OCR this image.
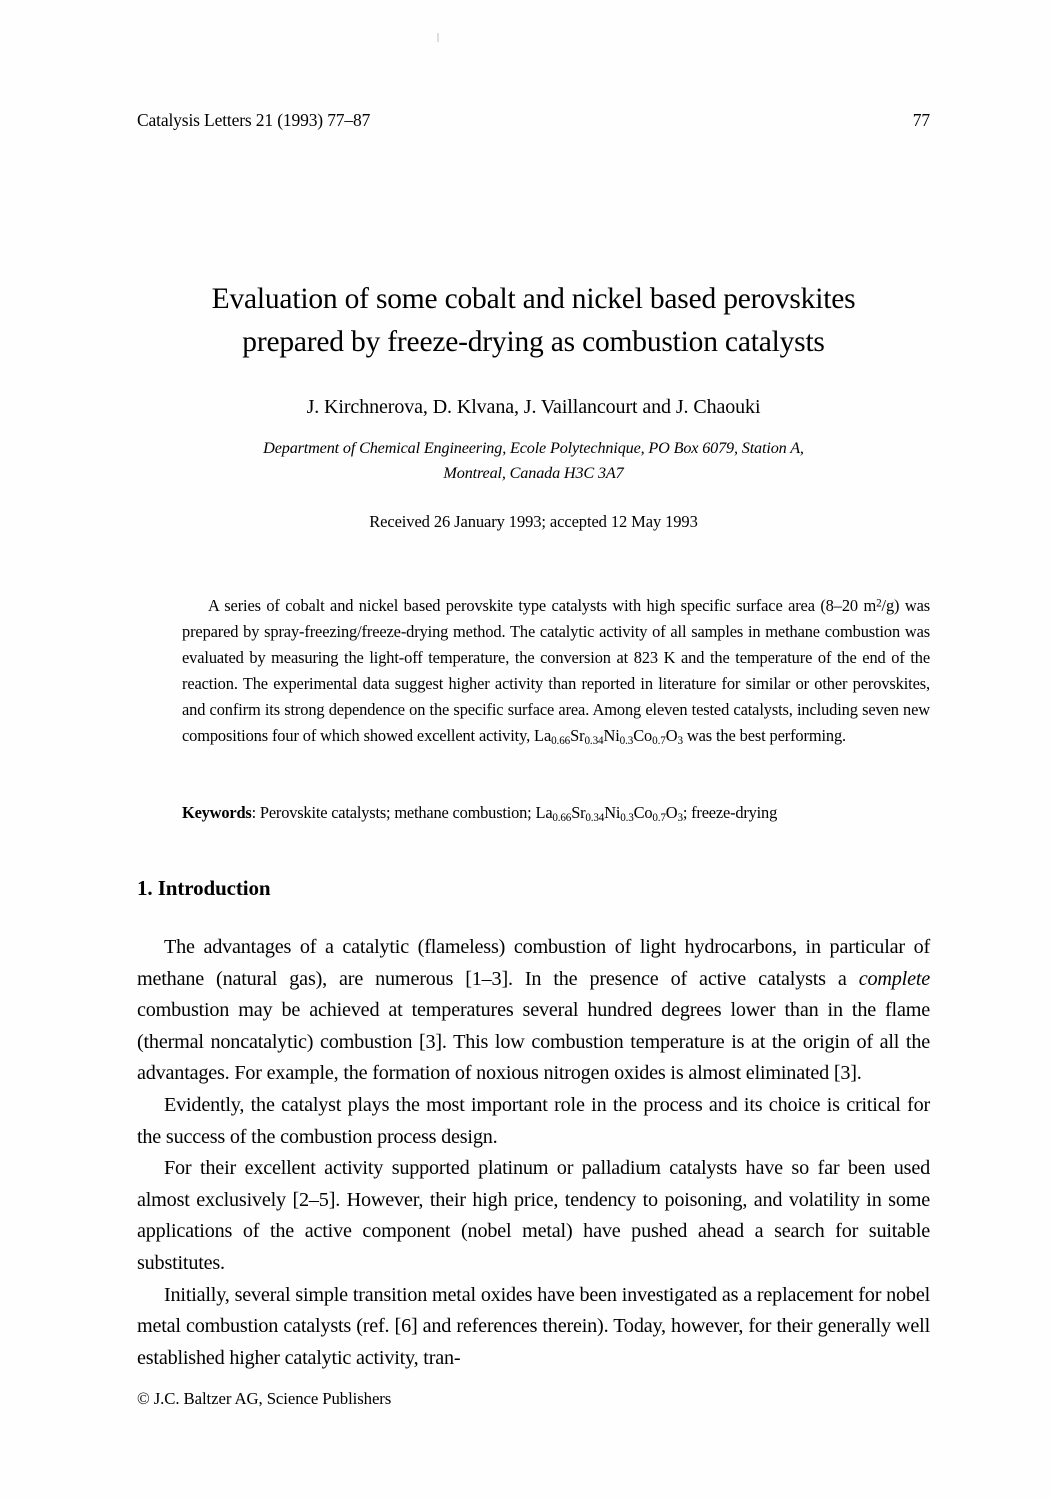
Catalysis Letters 21 (1993) 77–87	77
Evaluation of some cobalt and nickel based perovskites
prepared by freeze-drying as combustion catalysts
J. Kirchnerova, D. Klvana, J. Vaillancourt and J. Chaouki
Department of Chemical Engineering, Ecole Polytechnique, PO Box 6079, Station A,
Montreal, Canada H3C 3A7
Received 26 January 1993; accepted 12 May 1993
A series of cobalt and nickel based perovskite type catalysts with high specific surface area (8–20 $m^2/g$) was prepared by spray-freezing/freeze-drying method. The catalytic activity of all samples in methane combustion was evaluated by measuring the light-off temperature, the conversion at 823 K and the temperature of the end of the reaction. The experimental data suggest higher activity than reported in literature for similar or other perovskites, and confirm its strong dependence on the specific surface area. Among eleven tested catalysts, including seven new compositions four of which showed excellent activity, $La_{0.66}Sr_{0.34}Ni_{0.3}Co_{0.7}O_3$ was the best performing.
Keywords: Perovskite catalysts; methane combustion; $La_{0.66}Sr_{0.34}Ni_{0.3}Co_{0.7}O_3$; freeze-drying
1. Introduction

The advantages of a catalytic (flameless) combustion of light hydrocarbons, in particular of methane (natural gas), are numerous [1–3]. In the presence of active catalysts a complete combustion may be achieved at temperatures several hundred degrees lower than in the flame (thermal noncatalytic) combustion [3]. This low combustion temperature is at the origin of all the advantages. For example, the formation of noxious nitrogen oxides is almost eliminated [3].

Evidently, the catalyst plays the most important role in the process and its choice is critical for the success of the combustion process design.

For their excellent activity supported platinum or palladium catalysts have so far been used almost exclusively [2–5]. However, their high price, tendency to poisoning, and volatility in some applications of the active component (nobel metal) have pushed ahead a search for suitable substitutes.

Initially, several simple transition metal oxides have been investigated as a replacement for nobel metal combustion catalysts (ref. [6] and references therein). Today, however, for their generally well established higher catalytic activity, tran-

© J.C. Baltzer AG, Science Publishers
